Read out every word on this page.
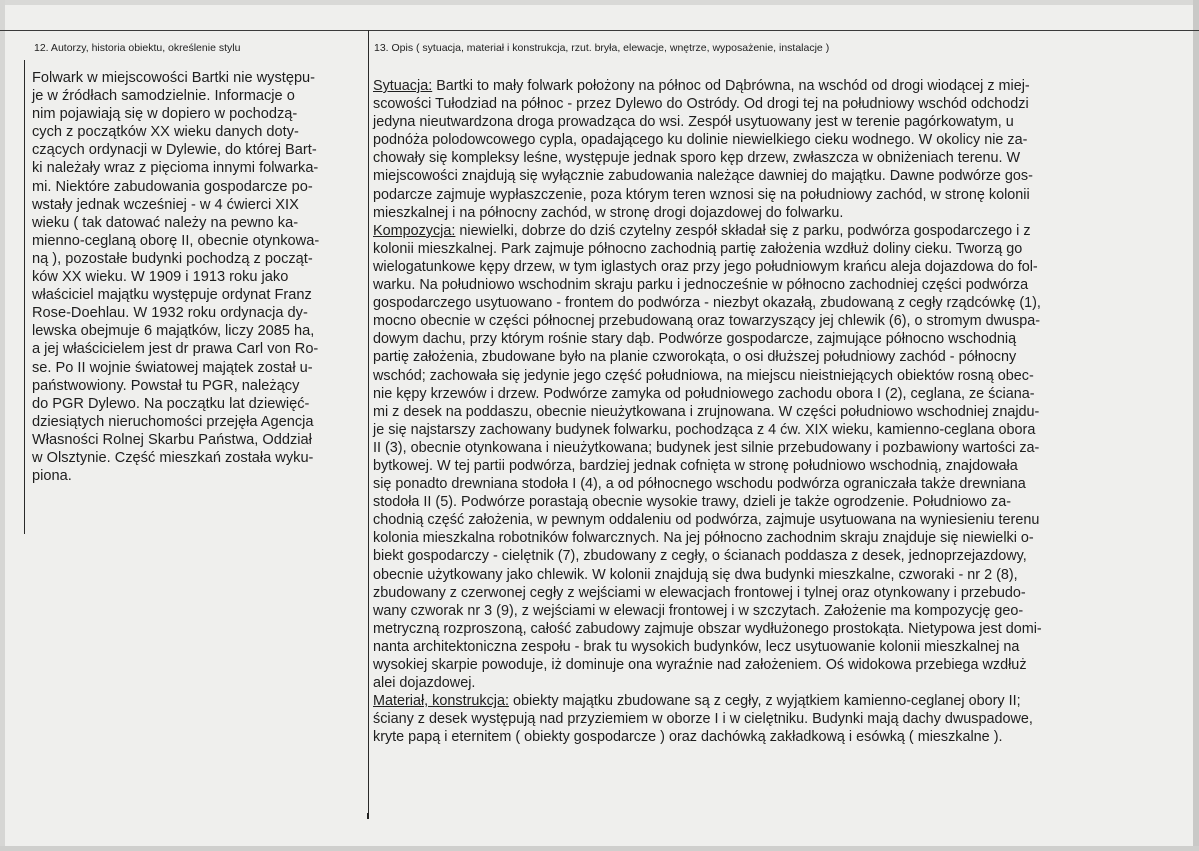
12. Autorzy, historia obiektu, określenie stylu	13. Opis ( sytuacja, materiał i konstrukcja, rzut. bryła, elewacje, wnętrze, wyposażenie, instalacje )
Folwark w miejscowości Bartki nie występu-
je w źródłach samodzielnie. Informacje o
nim pojawiają się w dopiero w pochodzą-
cych z początków XX wieku danych doty-
czących ordynacji w Dylewie, do której Bart-
ki należały wraz z pięcioma innymi folwarka-
mi. Niektóre zabudowania gospodarcze po-
wstały jednak wcześniej - w 4 ćwierci XIX
wieku ( tak datować należy na pewno ka-
mienno-ceglaną oborę II, obecnie otynkowa-
ną ), pozostałe budynki pochodzą z począt-
ków XX wieku. W 1909 i 1913 roku jako
właściciel majątku występuje ordynat Franz
Rose-Doehlau. W 1932 roku ordynacja dy-
lewska obejmuje 6 majątków, liczy 2085 ha,
a jej właścicielem jest dr prawa Carl von Ro-
se. Po II wojnie światowej majątek został u-
państwowiony. Powstał tu PGR, należący
do PGR Dylewo. Na początku lat dziewięć-
dziesiątych nieruchomości przejęła Agencja
Własności Rolnej Skarbu Państwa, Oddział
w Olsztynie. Część mieszkań została wyku-
piona.
Sytuacja: Bartki to mały folwark położony na północ od Dąbrówna, na wschód od drogi wiodącej z miej-
scowości Tułodziad na północ - przez Dylewo do Ostródy. Od drogi tej na południowy wschód odchodzi
jedyna nieutwardzona droga prowadząca do wsi. Zespół usytuowany jest w terenie pagórkowatym, u
podnóża polodowcowego cypla, opadającego ku dolinie niewielkiego cieku wodnego. W okolicy nie za-
chowały się kompleksy leśne, występuje jednak sporo kęp drzew, zwłaszcza w obniżeniach terenu. W
miejscowości znajdują się wyłącznie zabudowania należące dawniej do majątku. Dawne podwórze gos-
podarcze zajmuje wypłaszczenie, poza którym teren wznosi się na południowy zachód, w stronę kolonii
mieszkalnej i na północny zachód, w stronę drogi dojazdowej do folwarku.
Kompozycja: niewielki, dobrze do dziś czytelny zespół składał się z parku, podwórza gospodarczego i z
kolonii mieszkalnej. Park zajmuje północno zachodnią partię założenia wzdłuż doliny cieku. Tworzą go
wielogatunkowe kępy drzew, w tym iglastych oraz przy jego południowym krańcu aleja dojazdowa do fol-
warku. Na południowo wschodnim skraju parku i jednocześnie w północno zachodniej części podwórza
gospodarczego usytuowano - frontem do podwórza - niezbyt okazałą, zbudowaną z cegły rządcówkę (1),
mocno obecnie w części północnej przebudowaną oraz towarzyszący jej chlewik (6), o stromym dwuspa-
dowym dachu, przy którym rośnie stary dąb. Podwórze gospodarcze, zajmujące północno wschodnią
partię założenia, zbudowane było na planie czworokąta, o osi dłuższej południowy zachód - północny
wschód; zachowała się jedynie jego część południowa, na miejscu nieistniejących obiektów rosną obec-
nie kępy krzewów i drzew. Podwórze zamyka od południowego zachodu obora I (2), ceglana, ze ściana-
mi z desek na poddaszu, obecnie nieużytkowana i zrujnowana. W części południowo wschodniej znajdu-
je się najstarszy zachowany budynek folwarku, pochodząca z 4 ćw. XIX wieku, kamienno-ceglana obora
II (3), obecnie otynkowana i nieużytkowana; budynek jest silnie przebudowany i pozbawiony wartości za-
bytkowej. W tej partii podwórza, bardziej jednak cofnięta w stronę południowo wschodnią, znajdowała
się ponadto drewniana stodoła I (4), a od północnego wschodu podwórza ograniczała także drewniana
stodoła II (5). Podwórze porastają obecnie wysokie trawy, dzieli je także ogrodzenie. Południowo za-
chodnią część założenia, w pewnym oddaleniu od podwórza, zajmuje usytuowana na wyniesieniu terenu
kolonia mieszkalna robotników folwarcznych. Na jej północno zachodnim skraju znajduje się niewielki o-
biekt gospodarczy - cielętnik (7), zbudowany z cegły, o ścianach poddasza z desek, jednoprzejazdowy,
obecnie użytkowany jako chlewik. W kolonii znajdują się dwa budynki mieszkalne, czworaki - nr 2 (8),
zbudowany z czerwonej cegły z wejściami w elewacjach frontowej i tylnej oraz otynkowany i przebudo-
wany czworak nr 3 (9), z wejściami w elewacji frontowej i w szczytach. Założenie ma kompozycję geo-
metryczną rozproszoną, całość zabudowy zajmuje obszar wydłużonego prostokąta. Nietypowa jest domi-
nanta architektoniczna zespołu - brak tu wysokich budynków, lecz usytuowanie kolonii mieszkalnej na
wysokiej skarpie powoduje, iż dominuje ona wyraźnie nad założeniem. Oś widokowa przebiega wzdłuż
alei dojazdowej.
Materiał, konstrukcja: obiekty majątku zbudowane są z cegły, z wyjątkiem kamienno-ceglanej obory II;
ściany z desek występują nad przyziemiem w oborze I i w cielętniku. Budynki mają dachy dwuspadowe,
kryte papą i eternitem ( obiekty gospodarcze ) oraz dachówką zakładkową i esówką ( mieszkalne ).
